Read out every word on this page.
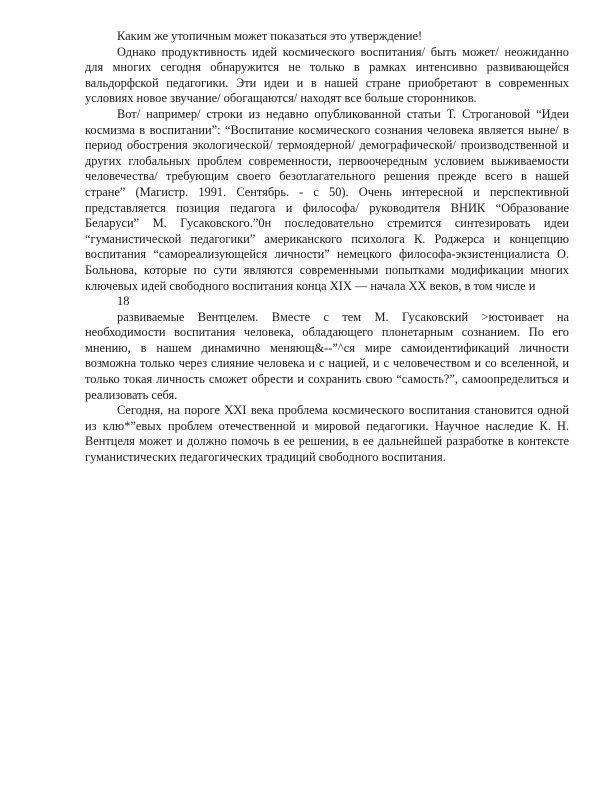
Каким же утопичным может показаться это утверждение!

Однако продуктивность идей космического воспитания/ быть может/ неожиданно для многих сегодня обнаружится не только в рамках интенсивно развивающейся вальдорфской педагогики. Эти идеи и в нашей стране приобретают в современных условиях новое звучание/ обогащаются/ находят все больше сторонников.

Вот/ например/ строки из недавно опубликованной статьи Т. Строгановой “Идеи космизма в воспитании”: “Воспитание космического сознания человека является ныне/ в период обострения экологической/ термоядерной/ демографической/ производственной и других глобальных проблем современности, первоочередным условием выживаемости человечества/ требующим своего безотлагательного решения прежде всего в нашей стране” (Магистр. 1991. Сентябрь. - с 50). Очень интересной и перспективной представляется позиция педагога и философа/ руководителя ВНИК “Образование Беларуси” М. Гусаковского.”0н последовательно стремится синтезировать идеи “гуманистической педагогики” американского психолога К. Роджерса и концепцию воспитания “самореализующейся личности” немецкого философа-экзистенциалиста О. Больнова, которые по сути являются современными попытками модификации многих ключевых идей свободного воспитания конца XIX — начала XX веков, в том числе и

18

развиваемые Вентцелем. Вместе с тем М. Гусаковский >юстоивает на необходимости воспитания человека, обладающего плонетарным сознанием. По его мнению, в нашем динамично меняющ&--”^ся мире самоидентификаций личности возможна только через слияние человека и с нацией, и с человечеством и со вселенной, и только токая личность сможет обрести и сохранить свою “самость?”, самоопределиться и реализовать себя.

Сегодня, на пороге XXI века проблема космического воспитания становится одной из клю*”евых проблем отечественной и мировой педагогики. Научное наследие К. Н. Вентцеля может и должно помочь в ее решении, в ее дальнейшей разработке в контексте гуманистических педагогических традиций свободного воспитания.
